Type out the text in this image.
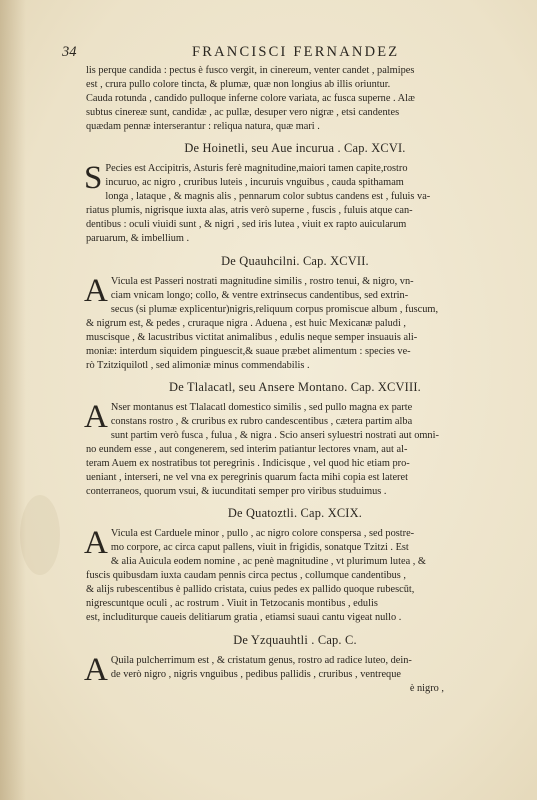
34	FRANCISCI FERNANDEZ

lis perque candida : pectus è fusco vergit, in cinereum, venter candet , palmipes

est , crura pullo colore tincta, & plumæ, quæ non longius ab illis oriuntur.

Cauda rotunda , candido pulloque inferne colore variata, ac fusca superne . Alæ

subtus cinereæ sunt, candidæ , ac pullæ, desuper vero nigræ , etsi candentes

quædam pennæ interserantur : reliqua natura, quæ mari .

De Hoinetli, seu Aue incurua . Cap. XCVI.
S Pecies est Accipitris, Asturis ferè magnitudine,maiori tamen capite,rostro

incuruo, ac nigro , cruribus luteis , incuruis vnguibus , cauda spithamam

longa , lataque , & magnis alis , pennarum color subtus candens est , fuluis va-

riatus plumis, nigrisque iuxta alas, atris verò superne , fuscis , fuluis atque can-

dentibus : oculi viuidi sunt , & nigri , sed iris lutea , viuit ex rapto auicularum

paruarum, & imbellium .

De Quauhcilni. Cap. XCVII.
A Vicula est Passeri nostrati magnitudine similis , rostro tenui, & nigro, vn-

ciam vnicam longo; collo, & ventre extrinsecus candentibus, sed extrin-

secus (si plumæ explicentur)nigris,reliquum corpus promiscue album , fuscum,

& nigrum est, & pedes , cruraque nigra . Aduena , est huic Mexicanæ paludi ,

muscisque , & lacustribus victitat animalibus , edulis neque semper insuauis ali-

moniæ: interdum siquidem pinguescit,& suaue præbet alimentum : species ve-

rò Tzitziquilotl , sed alimoniæ minus commendabilis .

De Tlalacatl, seu Ansere Montano. Cap. XCVIII.
A Nser montanus est Tlalacatl domestico similis , sed pullo magna ex parte

constans rostro , & cruribus ex rubro candescentibus , cætera partim alba

sunt partim verò fusca , fulua , & nigra . Scio anseri syluestri nostrati aut omni-

no eundem esse , aut congenerem, sed interim patiantur lectores vnam, aut al-

teram Auem ex nostratibus tot peregrinis . Indicisque , vel quod hic etiam pro-

ueniant , interseri, ne vel vna ex peregrinis quarum facta mihi copia est lateret

conterraneos, quorum vsui, & iucunditati semper pro viribus studuimus .

De Quatoztli. Cap. XCIX.
A Vicula est Carduele minor , pullo , ac nigro colore conspersa , sed postre-

mo corpore, ac circa caput pallens, viuit in frigidis, sonatque Tzitzi . Est

& alia Auicula eodem nomine , ac penè magnitudine , vt plurimum lutea , &

fuscis quibusdam iuxta caudam pennis circa pectus , collumque candentibus ,

& alijs rubescentibus è pallido cristata, cuius pedes ex pallido quoque rubescūt,

nigrescuntque oculi , ac rostrum . Viuit in Tetzocanis montibus , edulis

est, includiturque caueis delitiarum gratia , etiamsi suaui cantu vigeat nullo .

De Yzquauhtli . Cap. C.
A Quila pulcherrimum est , & cristatum genus, rostro ad radice luteo, dein-

de verò nigro , nigris vnguibus , pedibus pallidis , cruribus , ventreque

è nigro ,
